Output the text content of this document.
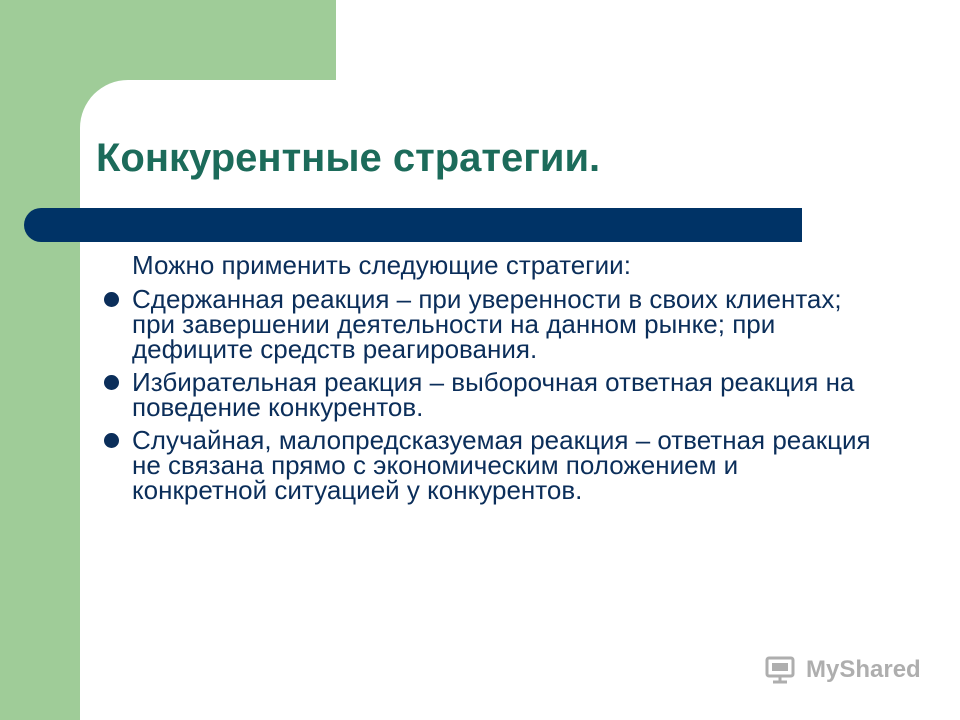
Конкурентные стратегии.

Можно применить следующие стратегии:

Сдержанная реакция – при уверенности в своих клиентах; при завершении деятельности на данном рынке; при дефиците средств реагирования.
Избирательная реакция – выборочная ответная реакция на поведение конкурентов.
Случайная, малопредсказуемая реакция – ответная реакция не связана прямо с экономическим положением и конкретной ситуацией у конкурентов.
MyShared
